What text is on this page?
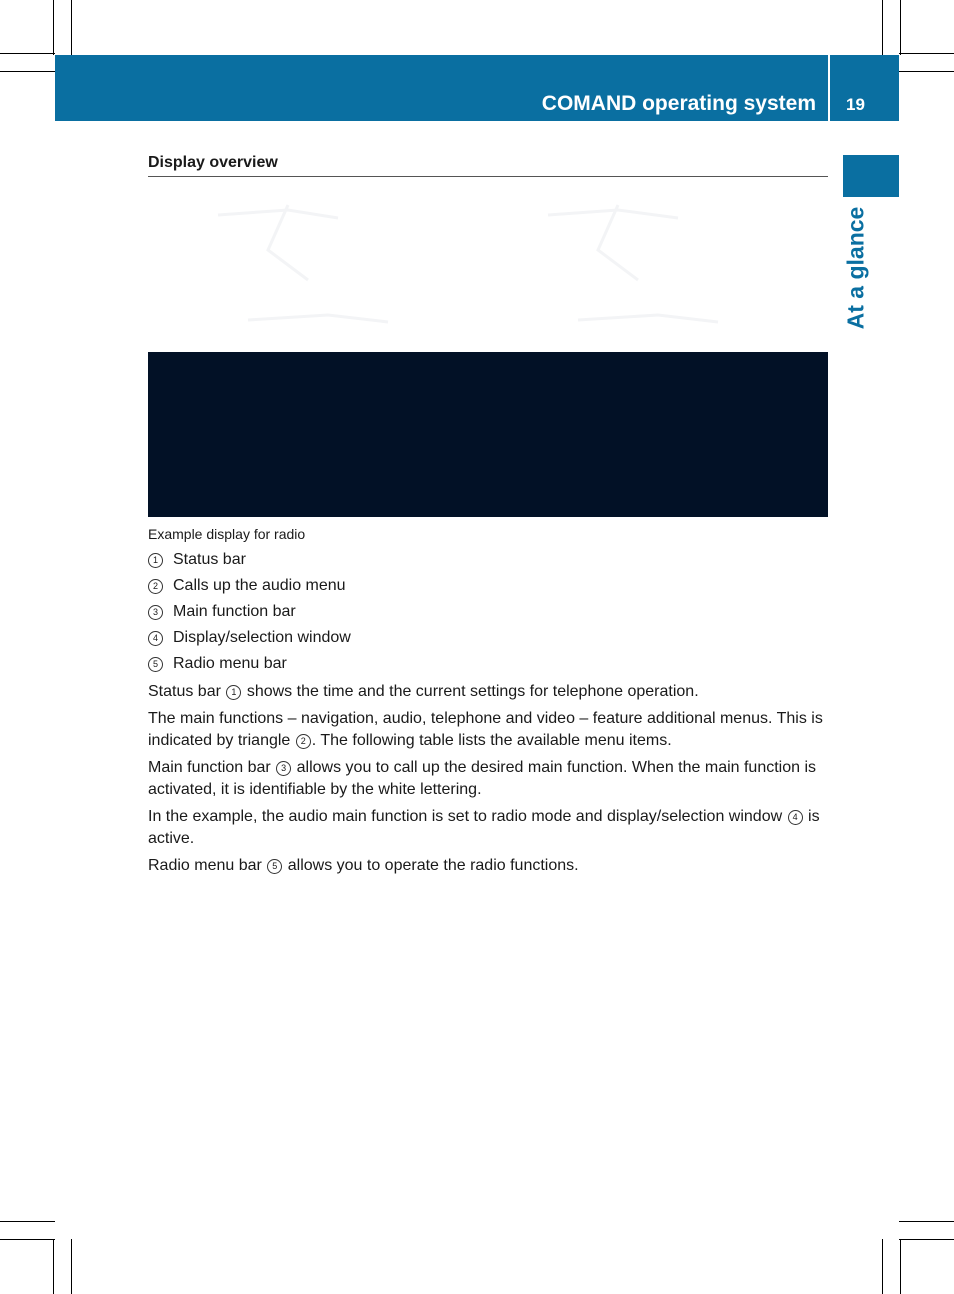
COMAND operating system 19
At a glance
Display overview
Example display for radio
1 Status bar
2 Calls up the audio menu
3 Main function bar
4 Display/selection window
5 Radio menu bar

Status bar 1 shows the time and the current settings for telephone operation.

The main functions – navigation, audio, telephone and video – feature additional menus. This is indicated by triangle 2 . The following table lists the available menu items.

Main function bar 3 allows you to call up the desired main function. When the main function is activated, it is identifiable by the white lettering.

In the example, the audio main function is set to radio mode and display/selection window 4 is active.

Radio menu bar 5 allows you to operate the radio functions.
